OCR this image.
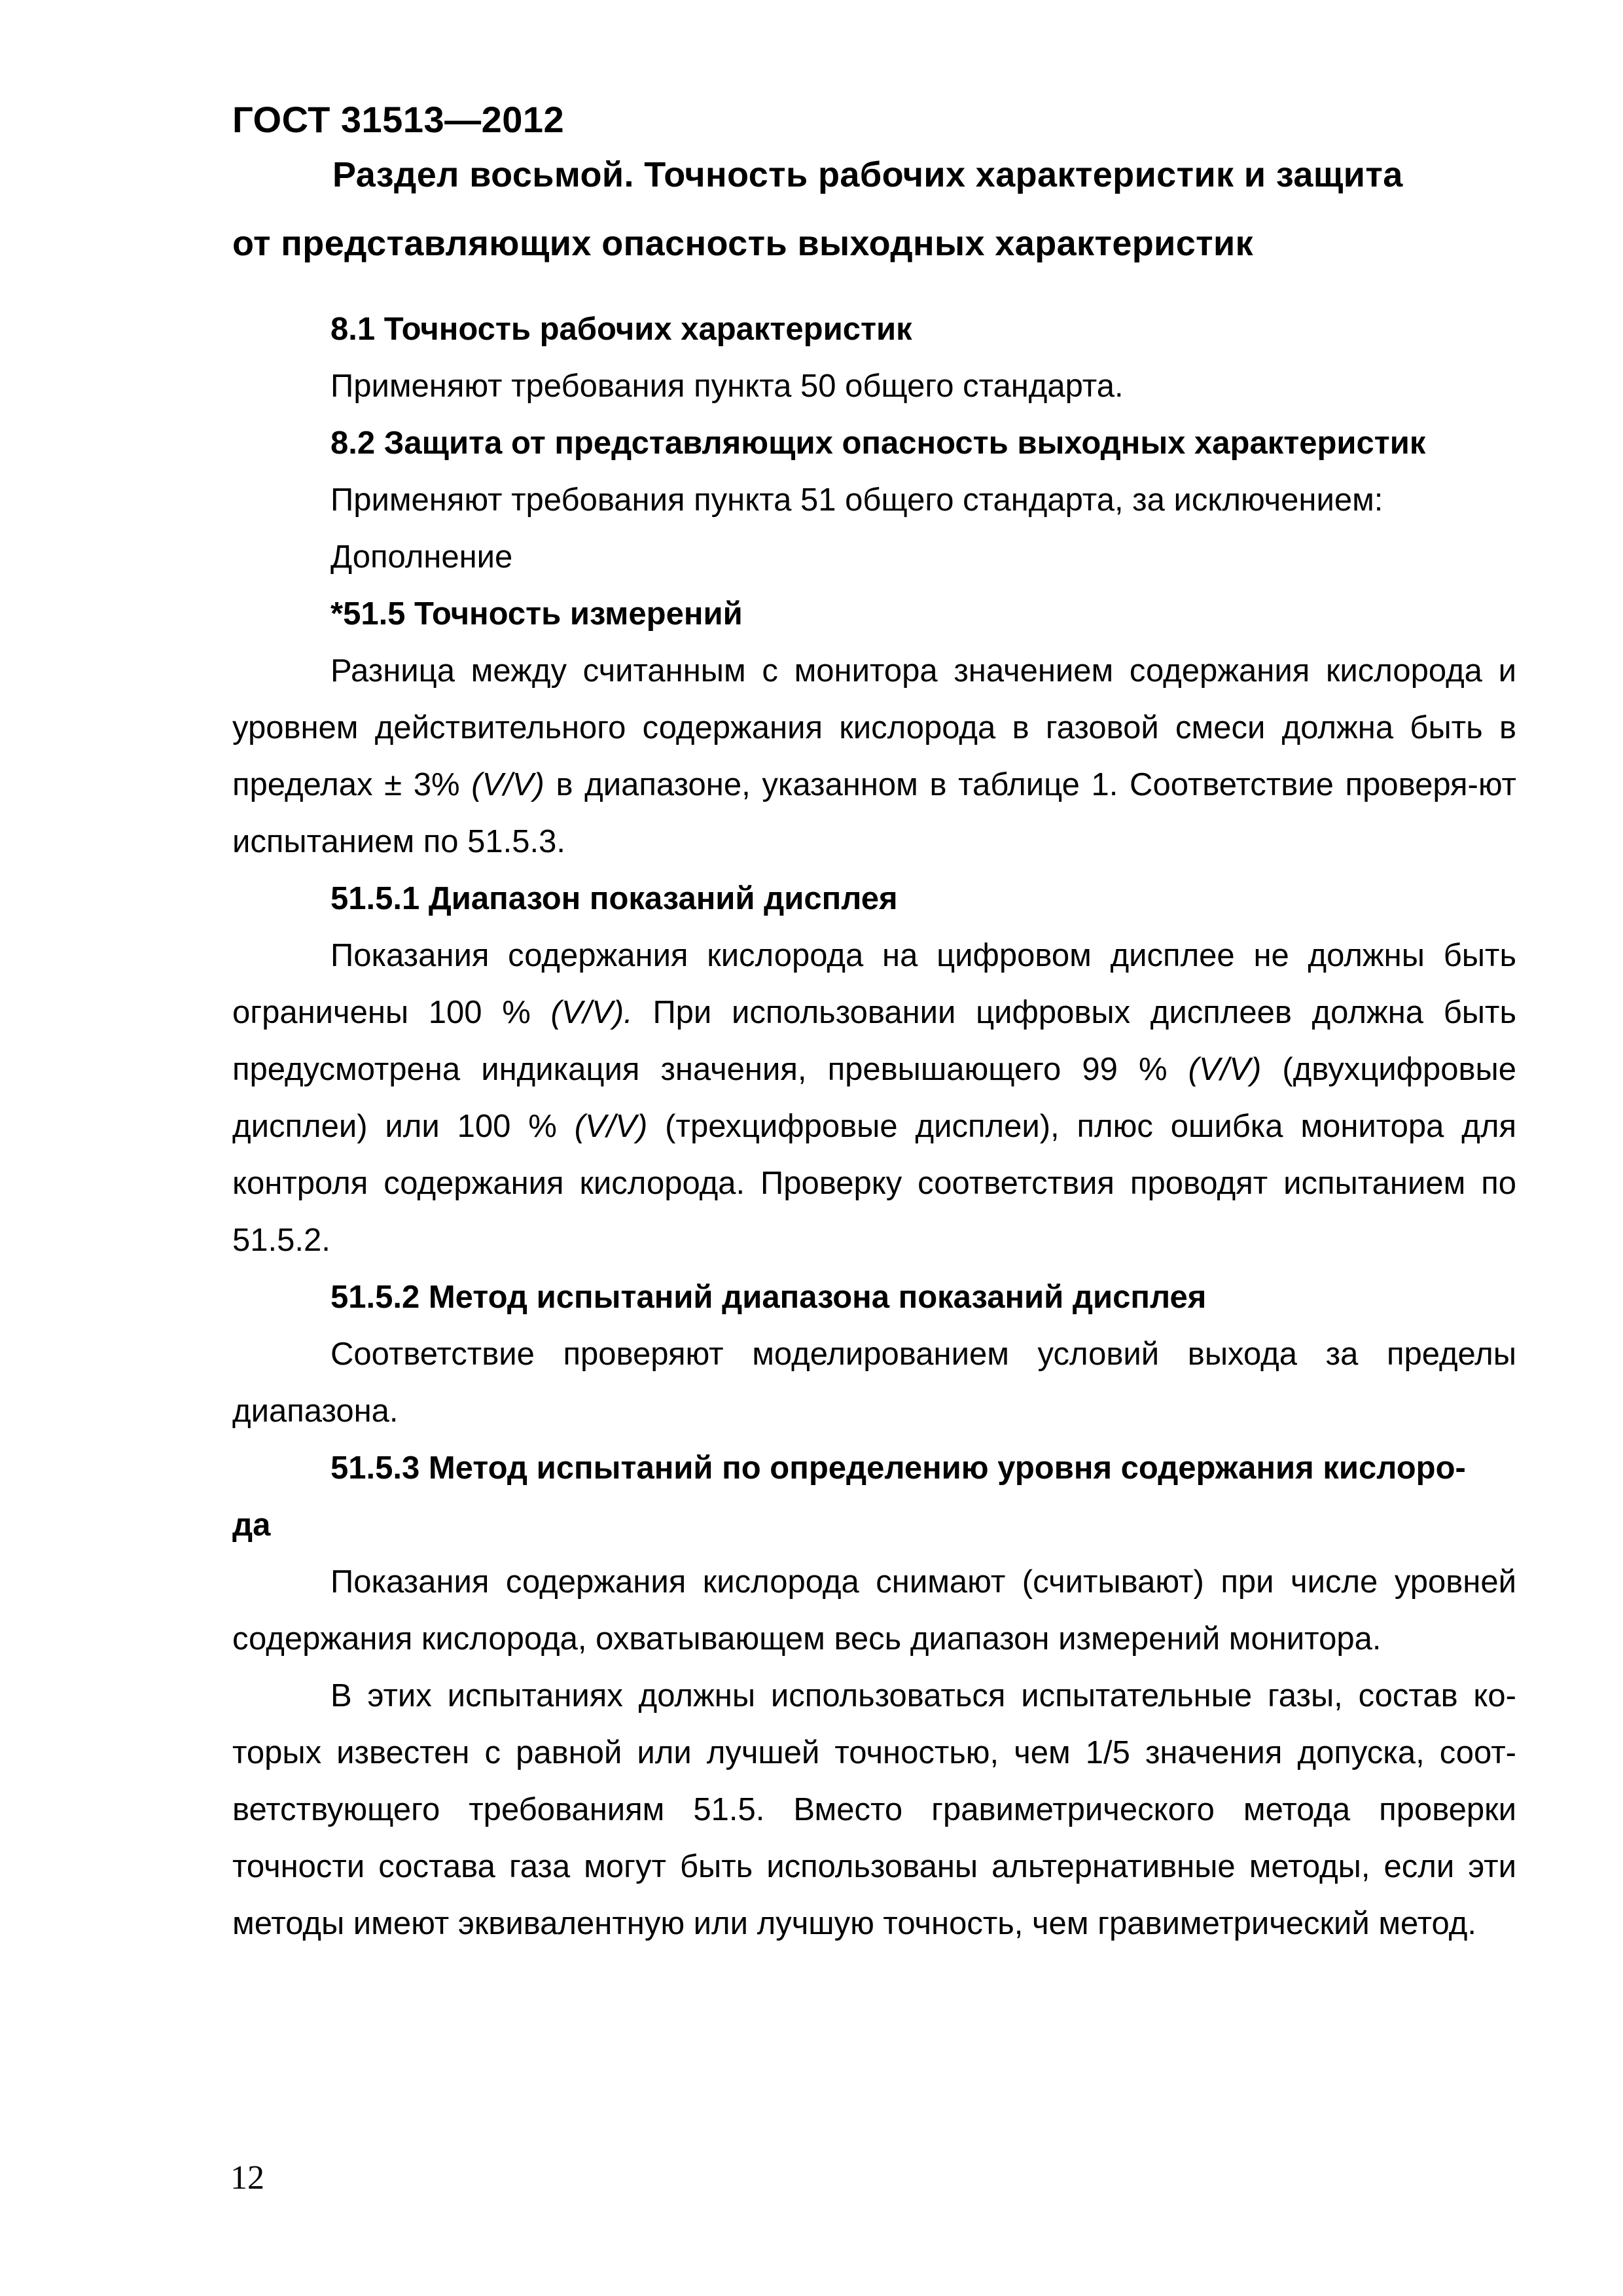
ГОСТ 31513—2012
Раздел восьмой. Точность рабочих характеристик и защита
от представляющих опасность выходных характеристик

8.1 Точность рабочих характеристик

Применяют требования пункта 50 общего стандарта.

8.2 Защита от представляющих опасность выходных характеристик

Применяют требования пункта 51 общего стандарта, за исключением:

Дополнение

*51.5 Точность измерений

Разница между считанным с монитора значением содержания кислорода и уровнем действительного содержания кислорода в газовой смеси должна быть в пределах ± 3% (V/V) в диапазоне, указанном в таблице 1. Соответствие проверя-ют испытанием по 51.5.3.

51.5.1 Диапазон показаний дисплея

Показания содержания кислорода на цифровом дисплее не должны быть ограничены 100 % (V/V). При использовании цифровых дисплеев должна быть предусмотрена индикация значения, превышающего 99 % (V/V) (двухцифровые дисплеи) или 100 % (V/V) (трехцифровые дисплеи), плюс ошибка монитора для контроля содержания кислорода. Проверку соответствия проводят испытанием по 51.5.2.

51.5.2 Метод испытаний диапазона показаний дисплея

Соответствие проверяют моделированием условий выхода за пределы диапазона.

51.5.3 Метод испытаний по определению уровня содержания кислоро-

да

Показания содержания кислорода снимают (считывают) при числе уровней содержания кислорода, охватывающем весь диапазон измерений монитора.

В этих испытаниях должны использоваться испытательные газы, состав ко-торых известен с равной или лучшей точностью, чем 1/5 значения допуска, соот-ветствующего требованиям 51.5. Вместо гравиметрического метода проверки точности состава газа могут быть использованы альтернативные методы, если эти методы имеют эквивалентную или лучшую точность, чем гравиметрический метод.

12
